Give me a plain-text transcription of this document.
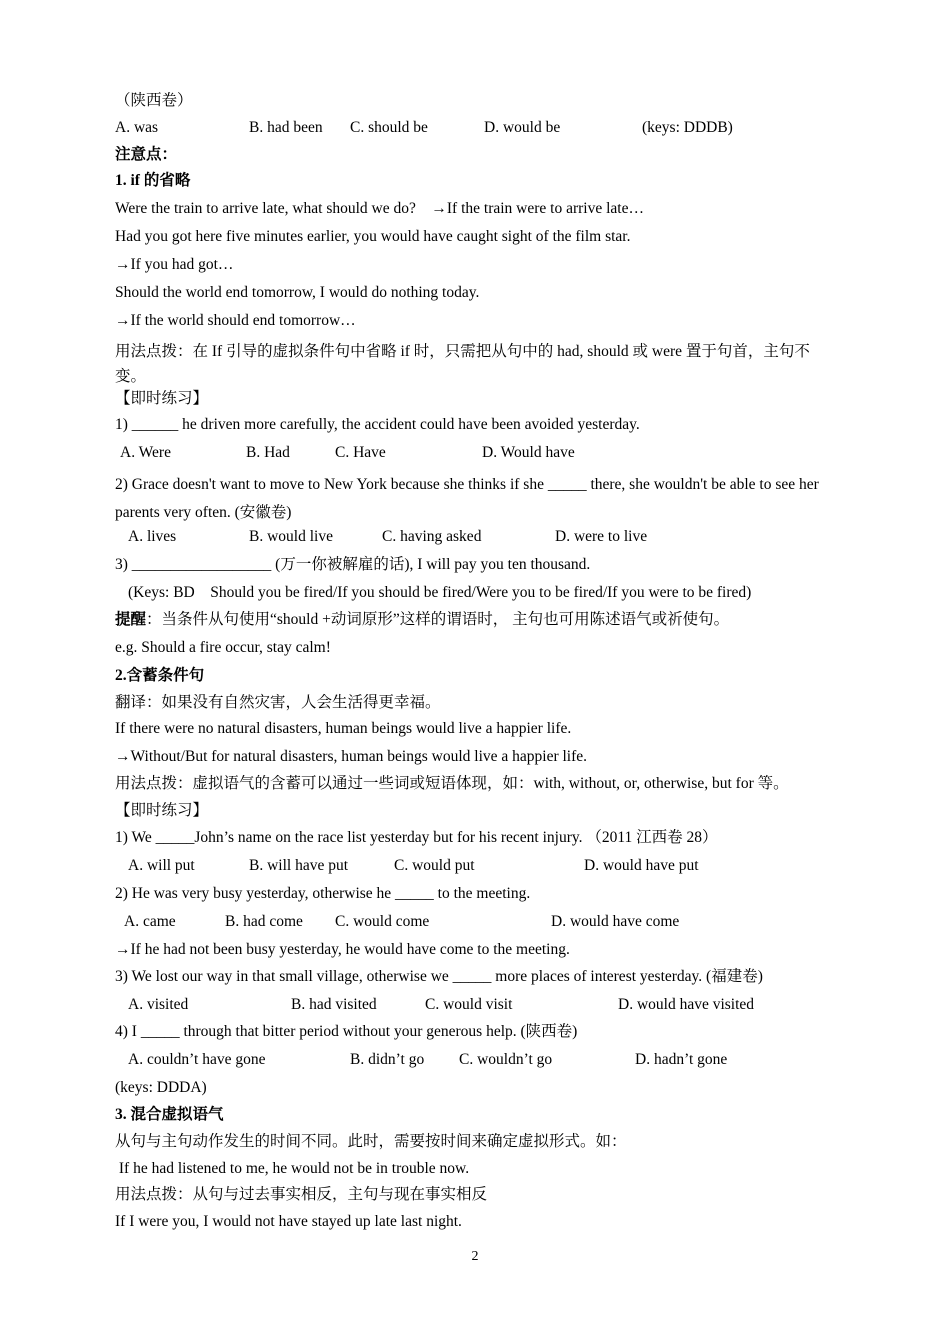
（陕西卷）
A. was	B. had been C. should be	D. would be	(keys: DDDB)
注意点：
1. if 的省略
Were the train to arrive late, what should we do?　→If the train were to arrive late…
Had you got here five minutes earlier, you would have caught sight of the film star.
→If you had got…
Should the world end tomorrow, I would do nothing today.
→If the world should end tomorrow…
用法点拨：在 If 引导的虚拟条件句中省略 if 时，只需把从句中的 had, should 或 were 置于句首，主句不变。
【即时练习】
1) ______ he driven more carefully, the accident could have been avoided yesterday.
A. Were	B. Had	C. Have	D. Would have
2) Grace doesn't want to move to New York because she thinks if she _____ there, she wouldn't be able to see her parents very often. (安徽卷)
A. lives	B. would live	C. having asked	D. were to live
3) __________________ (万一你被解雇的话), I will pay you ten thousand.
(Keys: BD　Should you be fired/If you should be fired/Were you to be fired/If you were to be fired)
提醒：当条件从句使用“should +动词原形”这样的谓语时， 主句也可用陈述语气或祈使句。
e.g. Should a fire occur, stay calm!
2.含蓄条件句
翻译：如果没有自然灾害，人会生活得更幸福。
If there were no natural disasters, human beings would live a happier life.
→Without/But for natural disasters, human beings would live a happier life.
用法点拨：虚拟语气的含蓄可以通过一些词或短语体现，如：with, without, or, otherwise, but for 等。
【即时练习】
1) We _____John’s name on the race list yesterday but for his recent injury. （2011 江西卷 28）
A. will put	B. will have put	C. would put	D. would have put
2) He was very busy yesterday, otherwise he _____ to the meeting.
A. came	B. had come C. would come	D. would have come
→If he had not been busy yesterday, he would have come to the meeting.
3) We lost our way in that small village, otherwise we _____ more places of interest yesterday. (福建卷)
A. visited	B. had visited	C. would visit	D. would have visited
4) I _____ through that bitter period without your generous help. (陕西卷)
A. couldn’t have gone	B. didn’t go C. wouldn’t go	D. hadn’t gone
(keys: DDDA)
3. 混合虚拟语气
从句与主句动作发生的时间不同。此时，需要按时间来确定虚拟形式。如：
If he had listened to me, he would not be in trouble now.
用法点拨：从句与过去事实相反，主句与现在事实相反
If I were you, I would not have stayed up late last night.
2
